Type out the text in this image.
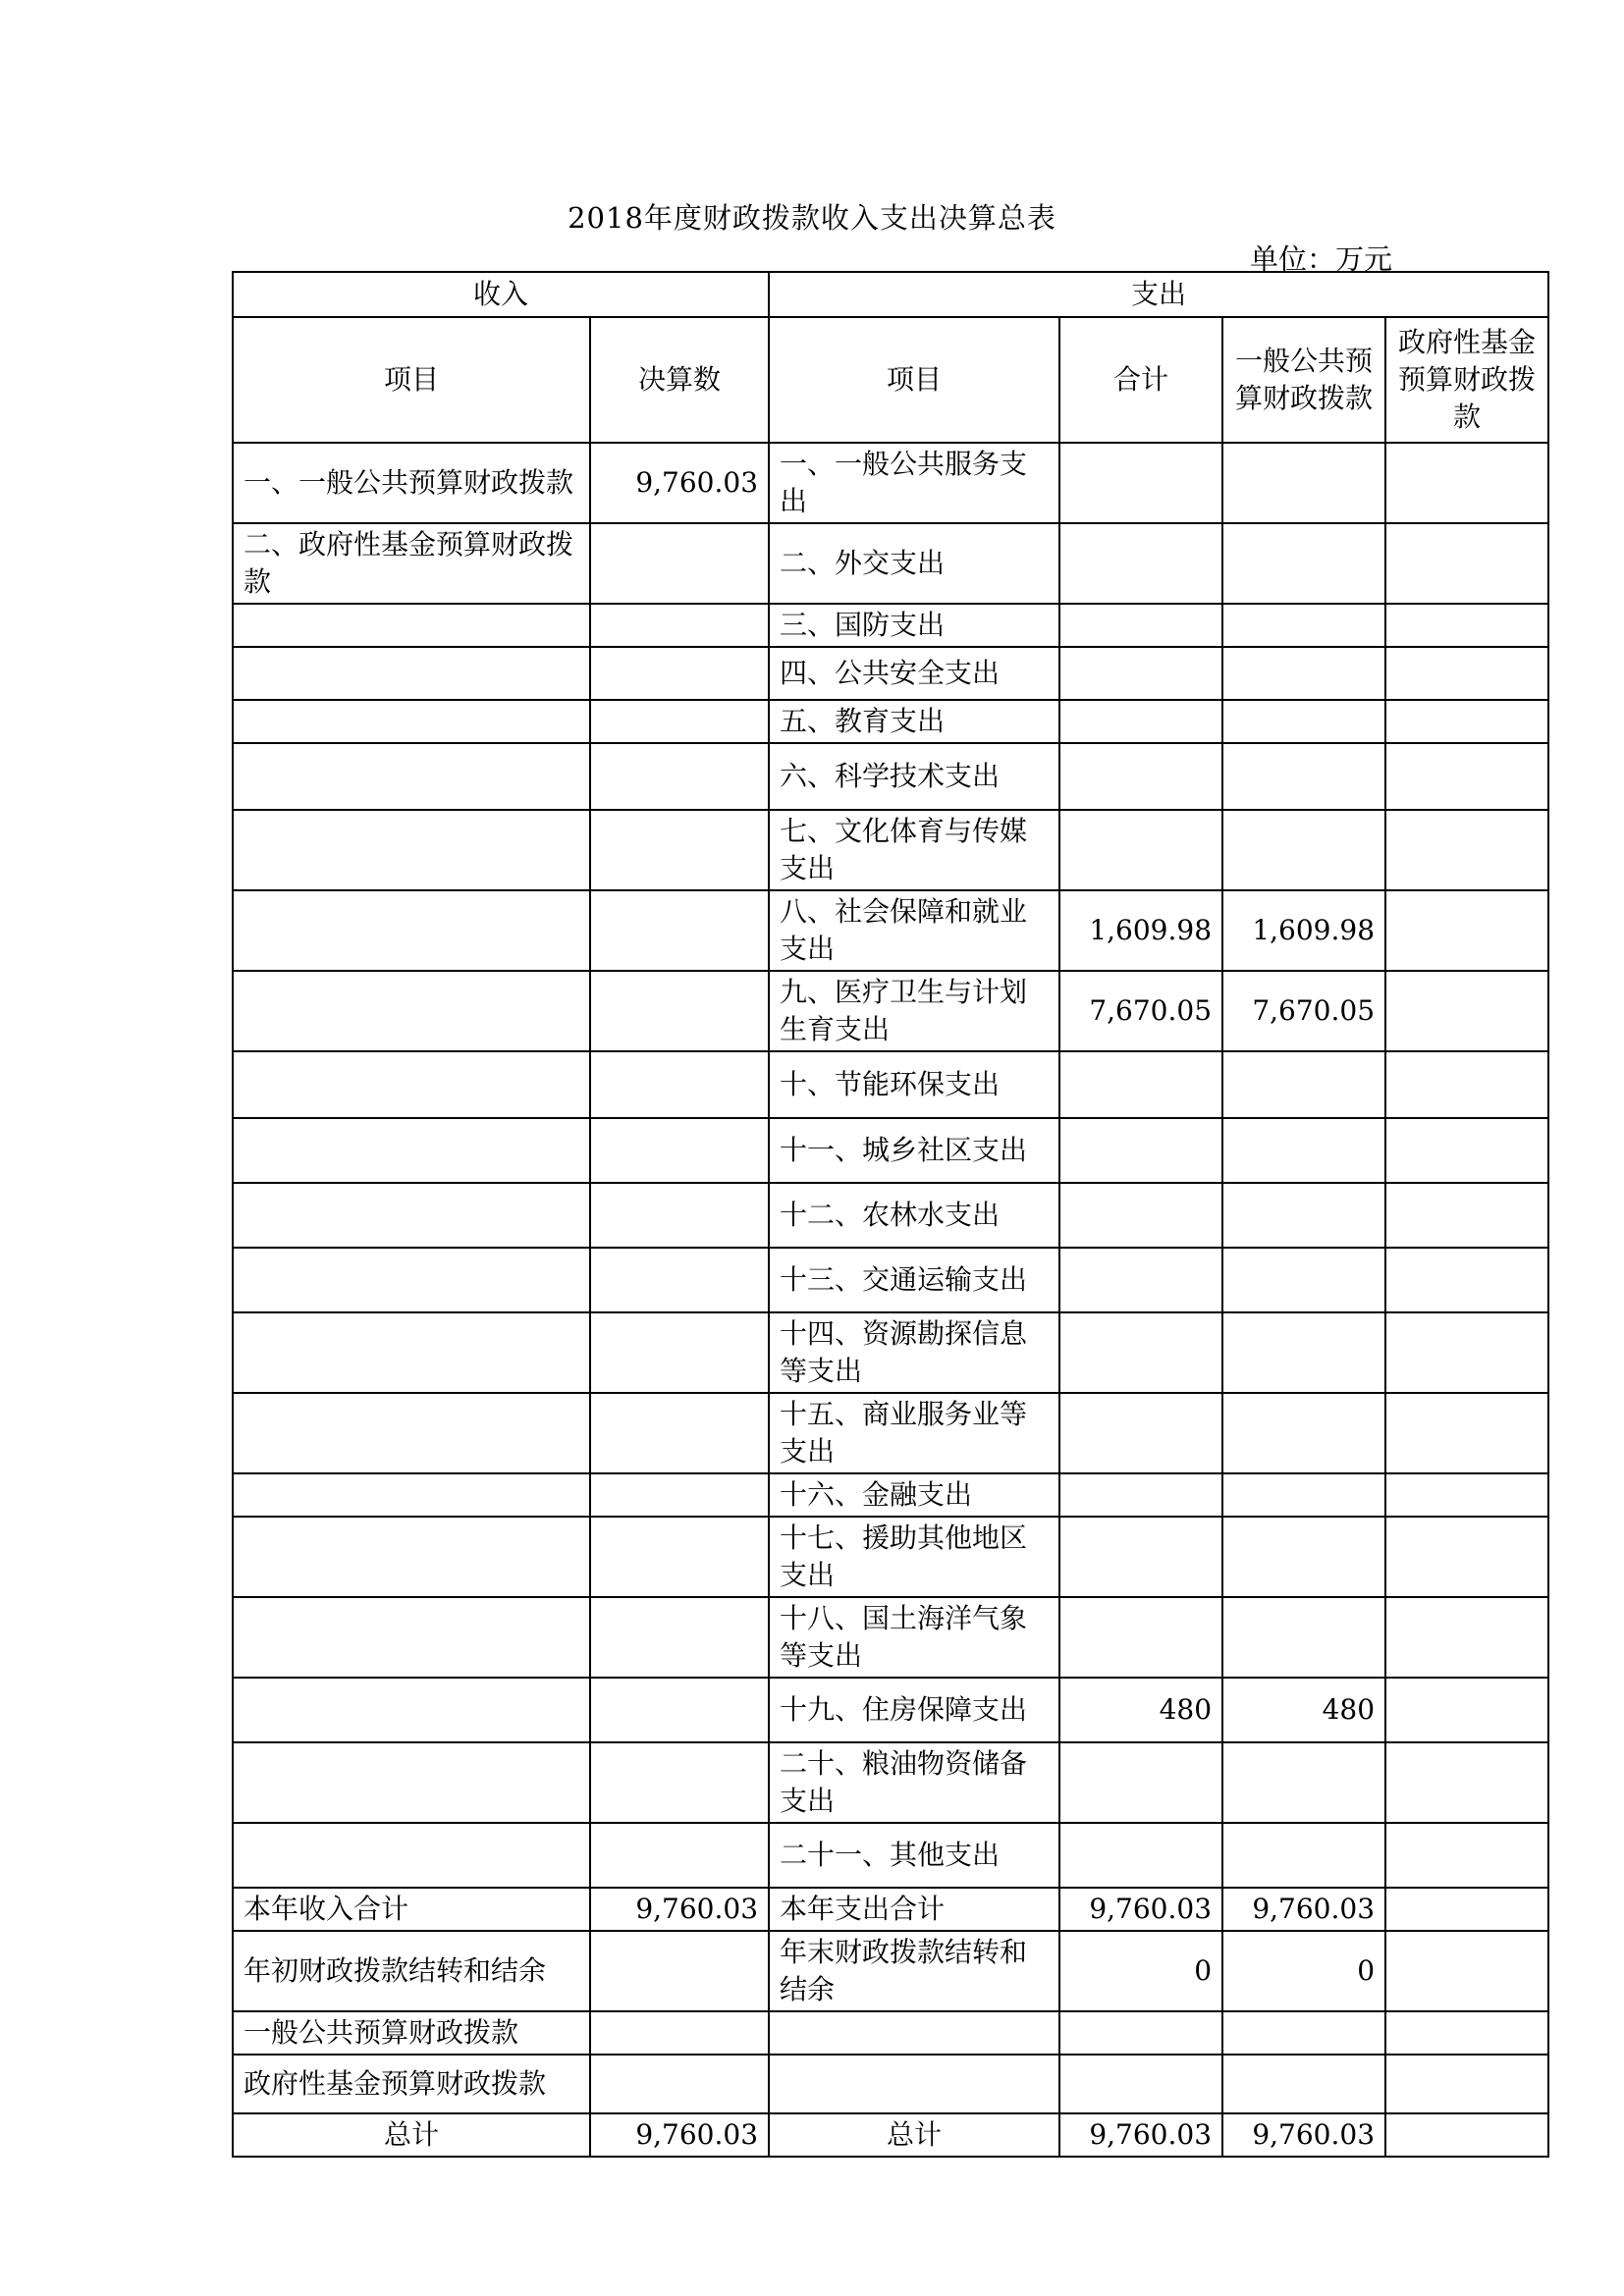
2018年度财政拨款收入支出决算总表
单位：万元
收入		支出			
项目	决算数	项目	合计	一般公共预算财政拨款	政府性基金预算财政拨款
一、一般公共预算财政拨款	9,760.03	一、一般公共服务支出			
二、政府性基金预算财政拨款		二、外交支出			
		三、国防支出			
		四、公共安全支出			
		五、教育支出			
		六、科学技术支出			
		七、文化体育与传媒支出			
		八、社会保障和就业支出	1,609.98	1,609.98	
		九、医疗卫生与计划生育支出	7,670.05	7,670.05	
		十、节能环保支出			
		十一、城乡社区支出			
		十二、农林水支出			
		十三、交通运输支出			
		十四、资源勘探信息等支出			
		十五、商业服务业等支出			
		十六、金融支出			
		十七、援助其他地区支出			
		十八、国土海洋气象等支出			
		十九、住房保障支出	480	480	
		二十、粮油物资储备支出			
		二十一、其他支出			
本年收入合计	9,760.03	本年支出合计	9,760.03	9,760.03	
年初财政拨款结转和结余		年末财政拨款结转和结余	0	0	
一般公共预算财政拨款					
政府性基金预算财政拨款					
总计	9,760.03	总计	9,760.03	9,760.03	
